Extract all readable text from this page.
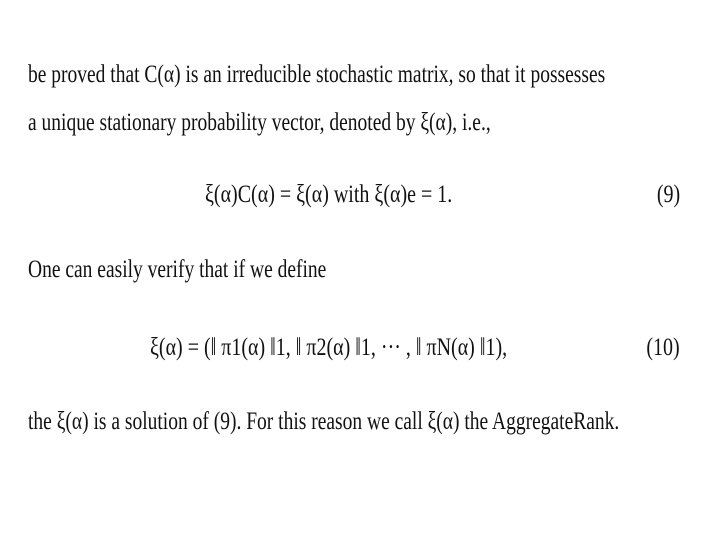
be proved that C(α) is an irreducible stochastic matrix, so that it possesses
a unique stationary probability vector, denoted by ξ(α), i.e.,
ξ(α)C(α) = ξ(α) with ξ(α)e = 1.	(9)
One can easily verify that if we define
ξ(α) = (‖ π1(α) ‖1, ‖ π2(α) ‖1, ··· , ‖ πN(α) ‖1),	(10)
the ξ(α) is a solution of (9). For this reason we call ξ(α) the AggregateRank.
